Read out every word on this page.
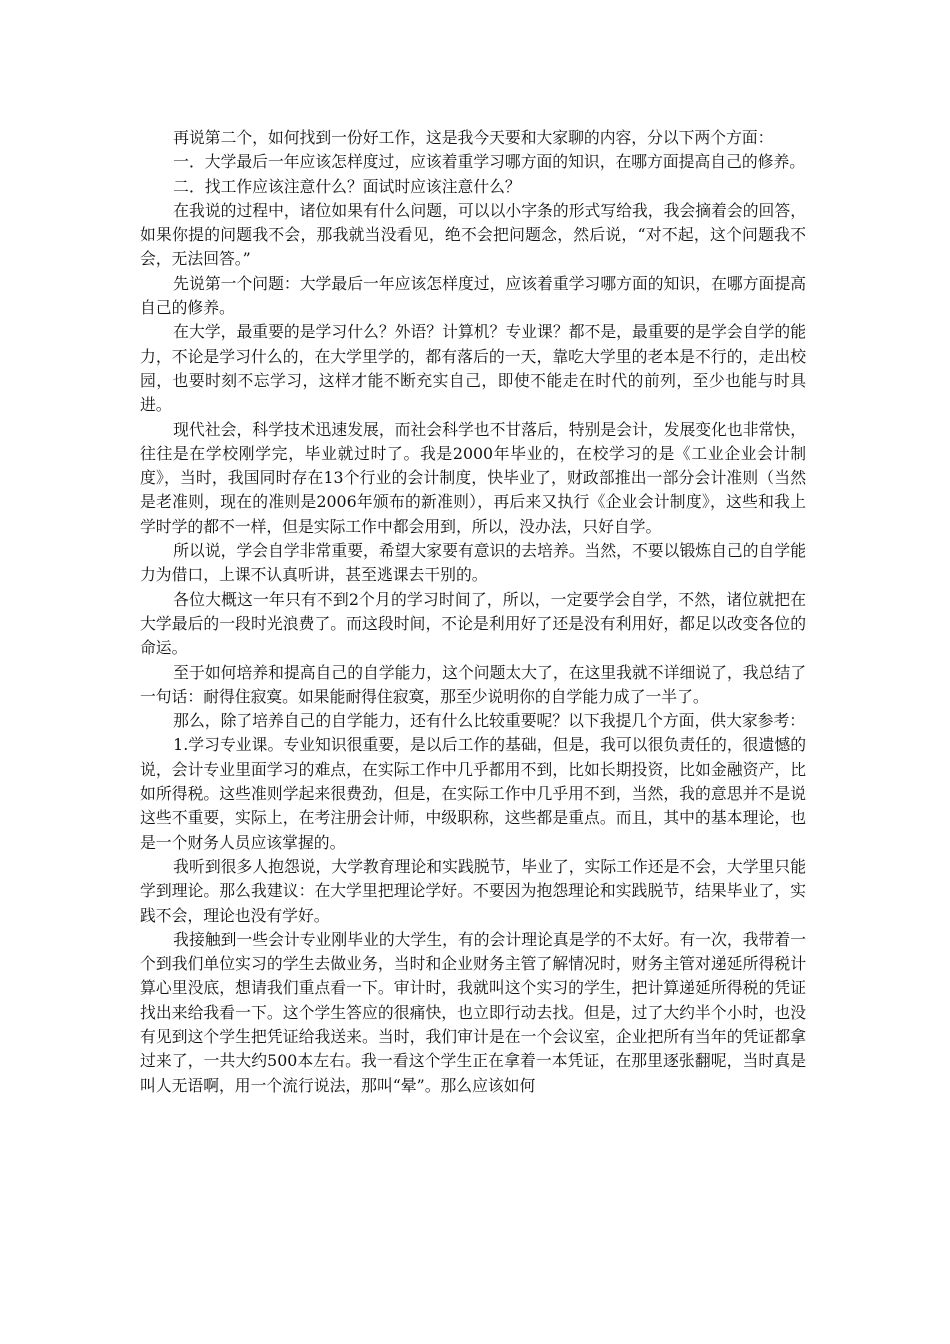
再说第二个，如何找到一份好工作，这是我今天要和大家聊的内容，分以下两个方面：

一．大学最后一年应该怎样度过，应该着重学习哪方面的知识，在哪方面提高自己的修养。

二．找工作应该注意什么？面试时应该注意什么？

在我说的过程中，诸位如果有什么问题，可以以小字条的形式写给我，我会摘着会的回答，如果你提的问题我不会，那我就当没看见，绝不会把问题念，然后说，“对不起，这个问题我不会，无法回答。”

先说第一个问题：大学最后一年应该怎样度过，应该着重学习哪方面的知识，在哪方面提高自己的修养。

在大学，最重要的是学习什么？外语？计算机？专业课？都不是，最重要的是学会自学的能力，不论是学习什么的，在大学里学的，都有落后的一天，靠吃大学里的老本是不行的，走出校园，也要时刻不忘学习，这样才能不断充实自己，即使不能走在时代的前列，至少也能与时具进。

现代社会，科学技术迅速发展，而社会科学也不甘落后，特别是会计，发展变化也非常快，往往是在学校刚学完，毕业就过时了。我是2000年毕业的，在校学习的是《工业企业会计制度》，当时，我国同时存在13个行业的会计制度，快毕业了，财政部推出一部分会计准则（当然是老准则，现在的准则是2006年颁布的新准则），再后来又执行《企业会计制度》，这些和我上学时学的都不一样，但是实际工作中都会用到，所以，没办法，只好自学。

所以说，学会自学非常重要，希望大家要有意识的去培养。当然，不要以锻炼自己的自学能力为借口，上课不认真听讲，甚至逃课去干别的。

各位大概这一年只有不到2个月的学习时间了，所以，一定要学会自学，不然，诸位就把在大学最后的一段时光浪费了。而这段时间，不论是利用好了还是没有利用好，都足以改变各位的命运。

至于如何培养和提高自己的自学能力，这个问题太大了，在这里我就不详细说了，我总结了一句话：耐得住寂寞。如果能耐得住寂寞，那至少说明你的自学能力成了一半了。

那么，除了培养自己的自学能力，还有什么比较重要呢？以下我提几个方面，供大家参考：

1.学习专业课。专业知识很重要，是以后工作的基础，但是，我可以很负责任的，很遗憾的说，会计专业里面学习的难点，在实际工作中几乎都用不到，比如长期投资，比如金融资产，比如所得税。这些准则学起来很费劲，但是，在实际工作中几乎用不到，当然，我的意思并不是说这些不重要，实际上，在考注册会计师，中级职称，这些都是重点。而且，其中的基本理论，也是一个财务人员应该掌握的。

我听到很多人抱怨说，大学教育理论和实践脱节，毕业了，实际工作还是不会，大学里只能学到理论。那么我建议：在大学里把理论学好。不要因为抱怨理论和实践脱节，结果毕业了，实践不会，理论也没有学好。

我接触到一些会计专业刚毕业的大学生，有的会计理论真是学的不太好。有一次，我带着一个到我们单位实习的学生去做业务，当时和企业财务主管了解情况时，财务主管对递延所得税计算心里没底，想请我们重点看一下。审计时，我就叫这个实习的学生，把计算递延所得税的凭证找出来给我看一下。这个学生答应的很痛快，也立即行动去找。但是，过了大约半个小时，也没有见到这个学生把凭证给我送来。当时，我们审计是在一个会议室，企业把所有当年的凭证都拿过来了，一共大约500本左右。我一看这个学生正在拿着一本凭证，在那里逐张翻呢，当时真是叫人无语啊，用一个流行说法，那叫“晕”。那么应该如何
